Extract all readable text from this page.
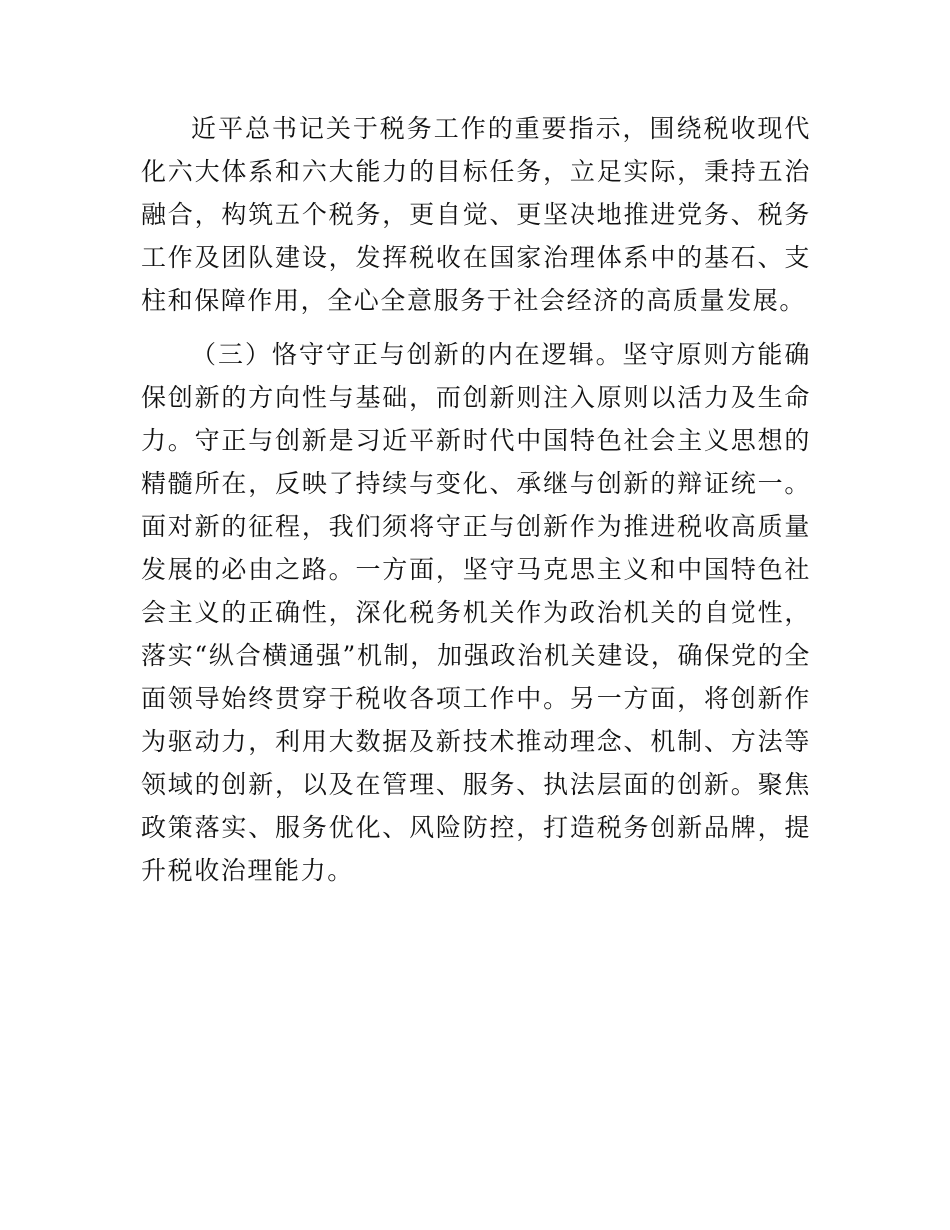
近平总书记关于税务工作的重要指示，围绕税收现代化六大体系和六大能力的目标任务，立足实际，秉持五治融合，构筑五个税务，更自觉、更坚决地推进党务、税务工作及团队建设，发挥税收在国家治理体系中的基石、支柱和保障作用，全心全意服务于社会经济的高质量发展。

（三）恪守守正与创新的内在逻辑。坚守原则方能确保创新的方向性与基础，而创新则注入原则以活力及生命力。守正与创新是习近平新时代中国特色社会主义思想的精髓所在，反映了持续与变化、承继与创新的辩证统一。面对新的征程，我们须将守正与创新作为推进税收高质量发展的必由之路。一方面，坚守马克思主义和中国特色社会主义的正确性，深化税务机关作为政治机关的自觉性，落实“纵合横通强”机制，加强政治机关建设，确保党的全面领导始终贯穿于税收各项工作中。另一方面，将创新作为驱动力，利用大数据及新技术推动理念、机制、方法等领域的创新，以及在管理、服务、执法层面的创新。聚焦政策落实、服务优化、风险防控，打造税务创新品牌，提升税收治理能力。
